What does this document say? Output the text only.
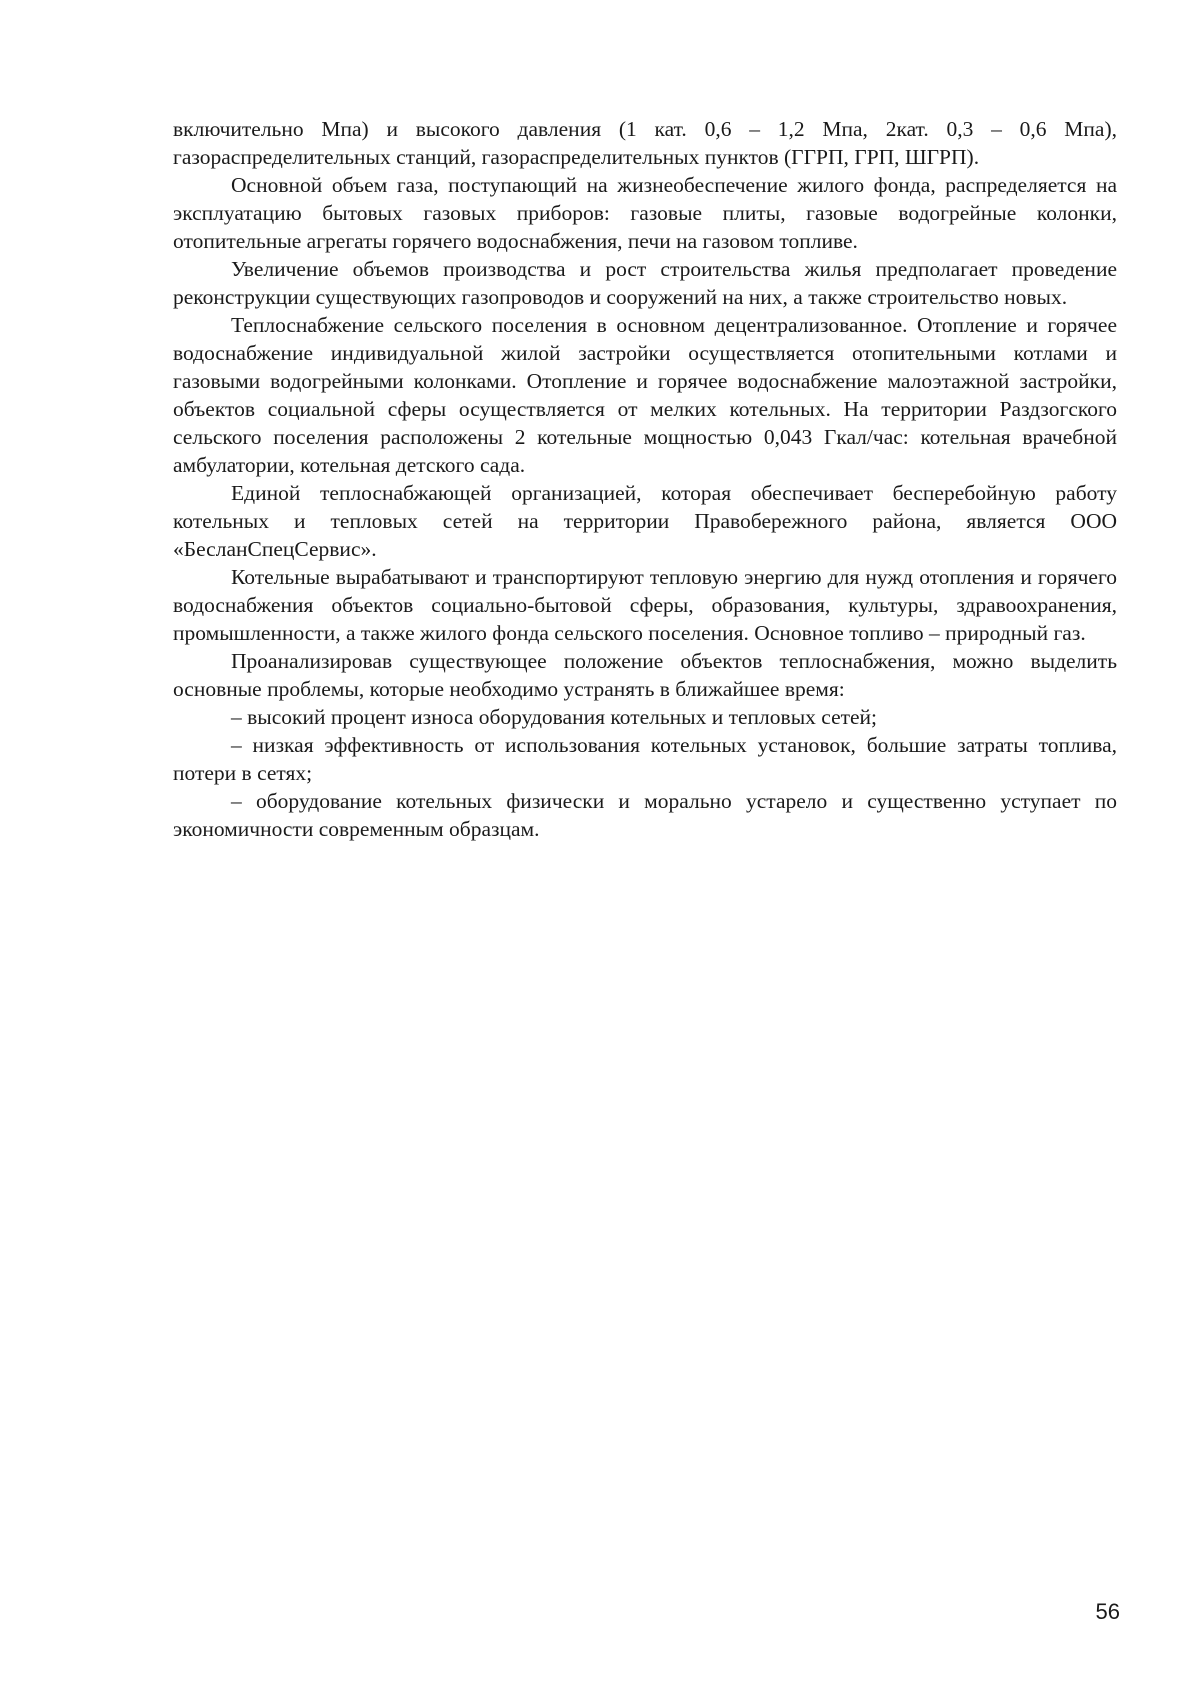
включительно Мпа) и высокого давления (1 кат. 0,6 – 1,2 Мпа, 2кат. 0,3 – 0,6 Мпа), газораспределительных станций, газораспределительных пунктов (ГГРП, ГРП, ШГРП).

Основной объем газа, поступающий на жизнеобеспечение жилого фонда, распределяется на эксплуатацию бытовых газовых приборов: газовые плиты, газовые водогрейные колонки, отопительные агрегаты горячего водоснабжения, печи на газовом топливе.

Увеличение объемов производства и рост строительства жилья предполагает проведение реконструкции существующих газопроводов и сооружений на них, а также строительство новых.

Теплоснабжение сельского поселения в основном децентрализованное. Отопление и горячее водоснабжение индивидуальной жилой застройки осуществляется отопительными котлами и газовыми водогрейными колонками. Отопление и горячее водоснабжение малоэтажной застройки, объектов социальной сферы осуществляется от мелких котельных. На территории Раздзогского сельского поселения расположены 2 котельные мощностью 0,043 Гкал/час: котельная врачебной амбулатории, котельная детского сада.

Единой теплоснабжающей организацией, которая обеспечивает бесперебойную работу котельных и тепловых сетей на территории Правобережного района, является ООО «БесланСпецСервис».

Котельные вырабатывают и транспортируют тепловую энергию для нужд отопления и горячего водоснабжения объектов социально-бытовой сферы, образования, культуры, здравоохранения, промышленности, а также жилого фонда сельского поселения. Основное топливо – природный газ.

Проанализировав существующее положение объектов теплоснабжения, можно выделить основные проблемы, которые необходимо устранять в ближайшее время:

– высокий процент износа оборудования котельных и тепловых сетей;

– низкая эффективность от использования котельных установок, большие затраты топлива, потери в сетях;

– оборудование котельных физически и морально устарело и существенно уступает по экономичности современным образцам.

56
